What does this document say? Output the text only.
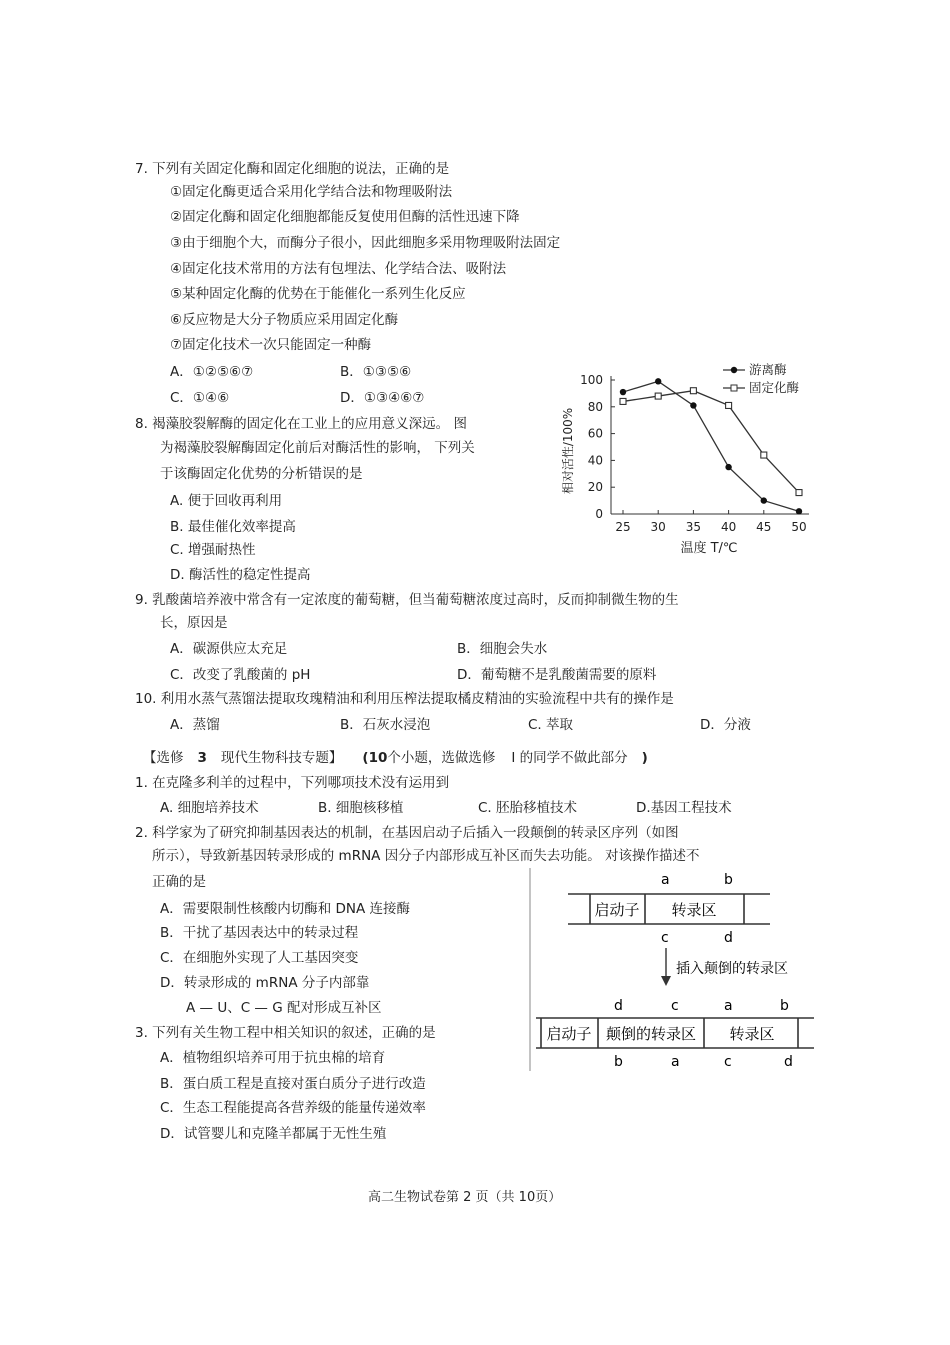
7. 下列有关固定化酶和固定化细胞的说法，正确的是
①固定化酶更适合采用化学结合法和物理吸附法
②固定化酶和固定化细胞都能反复使用但酶的活性迅速下降
③由于细胞个大，而酶分子很小，因此细胞多采用物理吸附法固定
④固定化技术常用的方法有包埋法、化学结合法、吸附法
⑤某种固定化酶的优势在于能催化一系列生化反应
⑥反应物是大分子物质应采用固定化酶
⑦固定化技术一次只能固定一种酶
A．①②⑤⑥⑦	B．①③⑤⑥
C．①④⑥	D．①③④⑥⑦
8. 褐藻胶裂解酶的固定化在工业上的应用意义深远。 图
为褐藻胶裂解酶固定化前后对酶活性的影响， 下列关
于该酶固定化优势的分析错误的是
A. 便于回收再利用
B. 最佳催化效率提高
C. 增强耐热性
D. 酶活性的稳定性提高
25 30 35 40 45 50
0
20
40
60
80
100
温度 T/℃
相对活性/100%
游离酶
固定化酶
9. 乳酸菌培养液中常含有一定浓度的葡萄糖，但当葡萄糖浓度过高时，反而抑制微生物的生
长，原因是
A．碳源供应太充足	B．细胞会失水
C．改变了乳酸菌的 pH	D．葡萄糖不是乳酸菌需要的原料
10. 利用水蒸气蒸馏法提取玫瑰精油和利用压榨法提取橘皮精油的实验流程中共有的操作是
A．蒸馏	B．石灰水浸泡	C. 萃取	D．分液
【选修 3 现代生物科技专题】 (10个小题，选做选修 Ⅰ 的同学不做此部分 )
1. 在克隆多利羊的过程中，下列哪项技术没有运用到
A. 细胞培养技术	B. 细胞核移植	C. 胚胎移植技术	D.基因工程技术
2. 科学家为了研究抑制基因表达的机制，在基因启动子后插入一段颠倒的转录区序列（如图
所示），导致新基因转录形成的 mRNA 因分子内部形成互补区而失去功能。 对该操作描述不
正确的是
A．需要限制性核酸内切酶和 DNA 连接酶
B．干扰了基因表达中的转录过程
C．在细胞外实现了人工基因突变
D．转录形成的 mRNA 分子内部靠
A — U、C — G 配对形成互补区
a	b
启动子 转录区
c	d
插入颠倒的转录区
d	c	a	b
启动子 颠倒的转录区 转录区
b	a	c	d
3. 下列有关生物工程中相关知识的叙述，正确的是
A．植物组织培养可用于抗虫棉的培育
B．蛋白质工程是直接对蛋白质分子进行改造
C．生态工程能提高各营养级的能量传递效率
D．试管婴儿和克隆羊都属于无性生殖
高二生物试卷第 2 页（共 10页）
